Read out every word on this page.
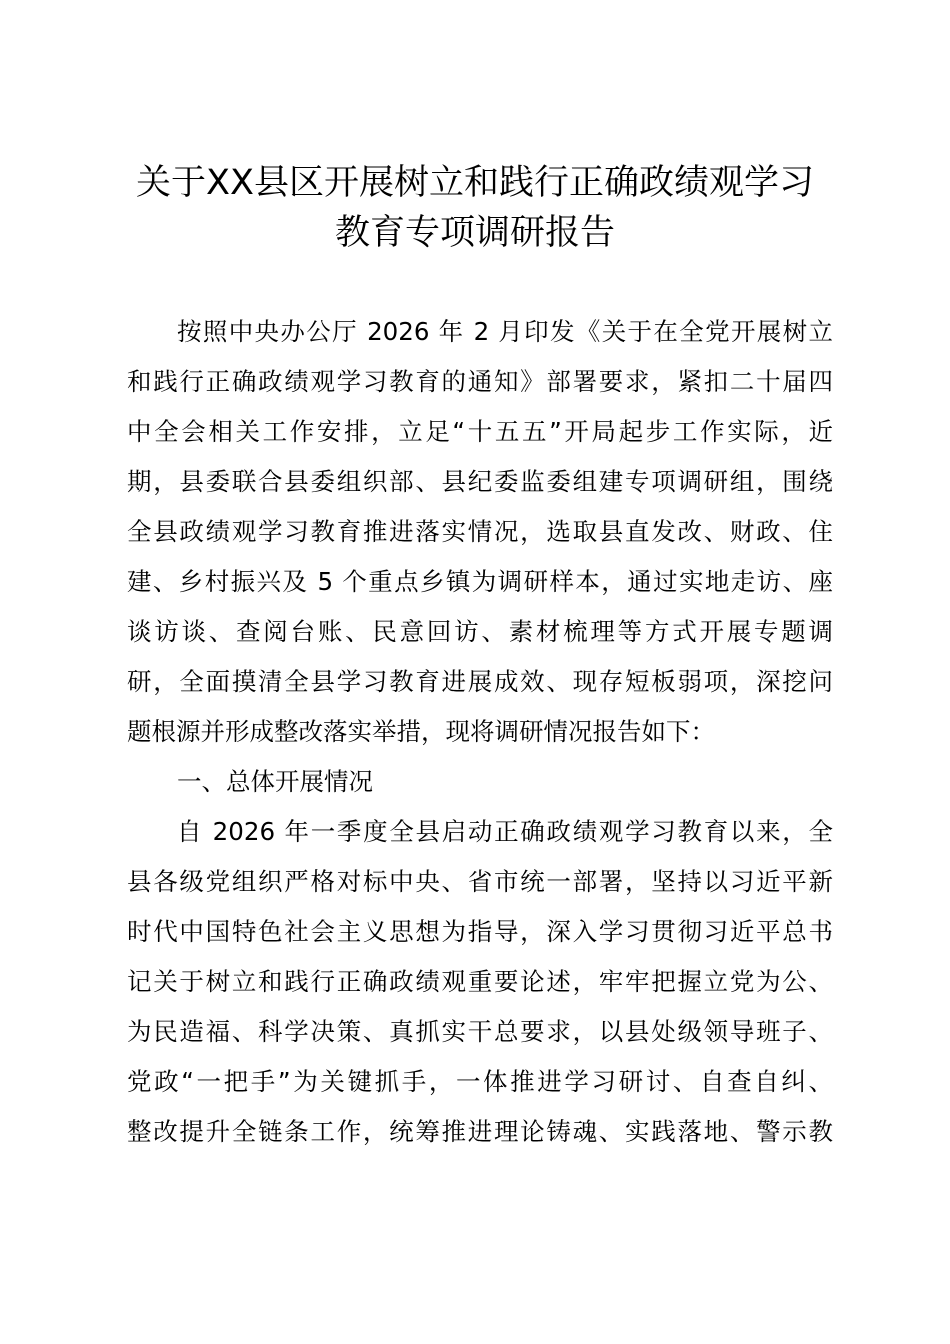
关于XX县区开展树立和践行正确政绩观学习
教育专项调研报告
按照中央办公厅 2026 年 2 月印发《关于在全党开展树立
和践行正确政绩观学习教育的通知》部署要求，紧扣二十届四
中全会相关工作安排，立足“十五五”开局起步工作实际，近
期，县委联合县委组织部、县纪委监委组建专项调研组，围绕
全县政绩观学习教育推进落实情况，选取县直发改、财政、住
建、乡村振兴及 5 个重点乡镇为调研样本，通过实地走访、座
谈访谈、查阅台账、民意回访、素材梳理等方式开展专题调
研，全面摸清全县学习教育进展成效、现存短板弱项，深挖问
题根源并形成整改落实举措，现将调研情况报告如下：
一、总体开展情况
自 2026 年一季度全县启动正确政绩观学习教育以来，全
县各级党组织严格对标中央、省市统一部署，坚持以习近平新
时代中国特色社会主义思想为指导，深入学习贯彻习近平总书
记关于树立和践行正确政绩观重要论述，牢牢把握立党为公、
为民造福、科学决策、真抓实干总要求，以县处级领导班子、
党政“一把手”为关键抓手，一体推进学习研讨、自查自纠、
整改提升全链条工作，统筹推进理论铸魂、实践落地、警示教
